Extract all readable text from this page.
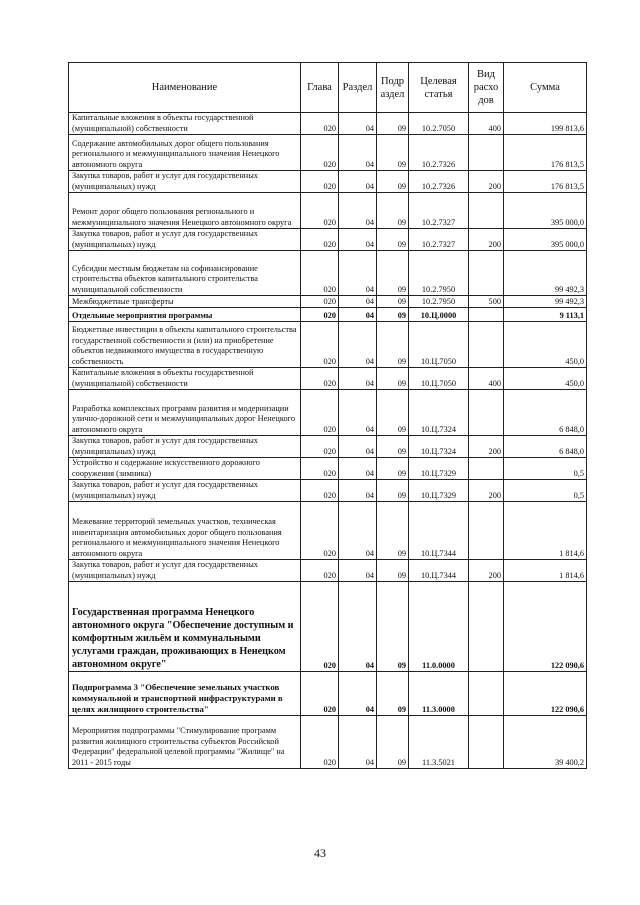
Наименование	Глава	Раздел	Подр аздел	Целевая статья	Вид расхо дов	Сумма
Капитальные вложения в объекты государственной (муниципальной) собственности	020	04	09	10.2.7050	400	199 813,6
Содержание автомобильных дорог общего пользования регионального и межмуниципального значения Ненецкого автономного округа	020	04	09	10.2.7326		176 813,5
Закупка товаров, работ и услуг для государственных (муниципальных) нужд	020	04	09	10.2.7326	200	176 813,5
Ремонт дорог общего пользования регионального и межмуниципального значения Ненецкого автономного округа	020	04	09	10.2.7327		395 000,0
Закупка товаров, работ и услуг для государственных (муниципальных) нужд	020	04	09	10.2.7327	200	395 000,0
Субсидии местным бюджетам на софинансирование строительства объектов капитального строительства муниципальной собственности	020	04	09	10.2.7950		99 492,3
Межбюджетные трансферты	020	04	09	10.2.7950	500	99 492,3
Отдельные мероприятия программы	020	04	09	10.Ц.0000		9 113,1
Бюджетные инвестиции в объекты капитального строительства государственной собственности и (или) на приобретение объектов недвижимого имущества в государственную собственность	020	04	09	10.Ц.7050		450,0
Капитальные вложения в объекты государственной (муниципальной) собственности	020	04	09	10.Ц.7050	400	450,0
Разработка комплексных программ развития и модернизации улично-дорожной сети и межмуниципальных дорог Ненецкого автономного округа	020	04	09	10.Ц.7324		6 848,0
Закупка товаров, работ и услуг для государственных (муниципальных) нужд	020	04	09	10.Ц.7324	200	6 848,0
Устройство и содержание искусственного дорожного сооружения (зимника)	020	04	09	10.Ц.7329		0,5
Закупка товаров, работ и услуг для государственных (муниципальных) нужд	020	04	09	10.Ц.7329	200	0,5
Межевание территорий земельных участков, техническая инвентаризация автомобильных дорог общего пользования регионального и межмуниципального значения Ненецкого автономного округа	020	04	09	10.Ц.7344		1 814,6
Закупка товаров, работ и услуг для государственных (муниципальных) нужд	020	04	09	10.Ц.7344	200	1 814,6
Государственная программа Ненецкого автономного округа "Обеспечение доступным и комфортным жильём и коммунальными услугами граждан, проживающих в Ненецком автономном округе"	020	04	09	11.0.0000		122 090,6
Подпрограмма 3 "Обеспечение земельных участков коммунальной и транспортной инфраструктурами в целях жилищного строительства"	020	04	09	11.3.0000		122 090,6
Мероприятия подпрограммы "Стимулирование программ развития жилищного строительства субъектов Российской Федерации" федеральной целевой программы "Жилище" на 2011 - 2015 годы	020	04	09	11.3.5021		39 400,2
43
